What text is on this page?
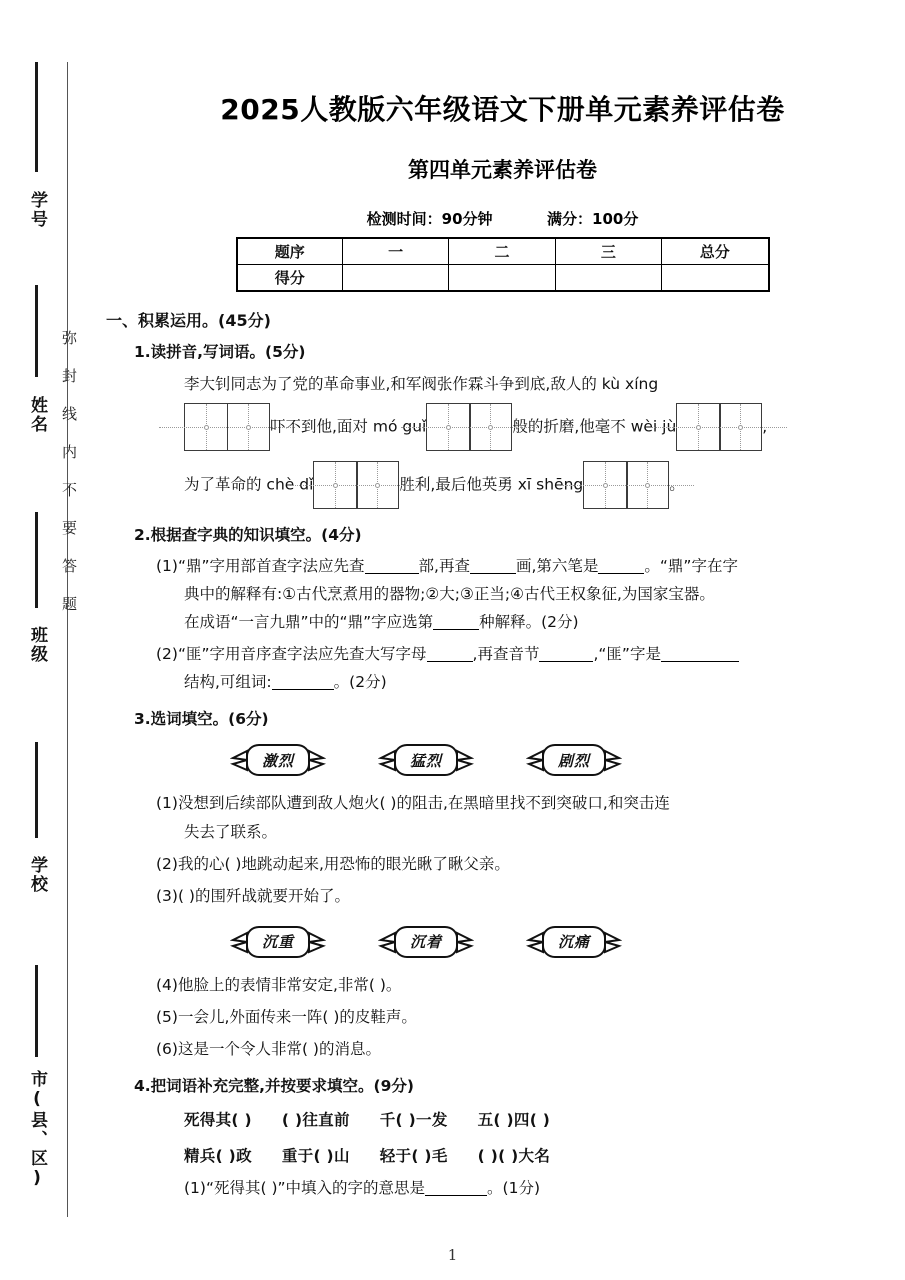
学号
姓名
班级
学校
市(县、区)
弥封线内不要答题
2025人教版六年级语文下册单元素养评估卷
第四单元素养评估卷
检测时间：90分钟	满分：100分
题序	一	二	三	总分
得分				
一、积累运用。(45分)
1.读拼音,写词语。(5分)
李大钊同志为了党的革命事业,和军阀张作霖斗争到底,敌人的 kù xíng
吓不到他,面对 mó guǐ	般的折磨,他毫不 wèi jù	,
为了革命的 chè dǐ	胜利,最后他英勇 xī shēng	。
2.根据查字典的知识填空。(4分)
(1)“鼎”字用部首查字法应先查	部,再查	画,第六笔是	。“鼎”字在字
典中的解释有:①古代烹煮用的器物;②大;③正当;④古代王权象征,为国家宝器。
在成语“一言九鼎”中的“鼎”字应选第	种解释。(2分)
(2)“匪”字用音序查字法应先查大写字母	,再查音节	,“匪”字是
结构,可组词:	。(2分)
3.选词填空。(6分)
激烈	猛烈	剧烈
(1)没想到后续部队遭到敌人炮火( )的阻击,在黑暗里找不到突破口,和突击连
失去了联系。
(2)我的心( )地跳动起来,用恐怖的眼光瞅了瞅父亲。
(3)( )的围歼战就要开始了。
沉重	沉着	沉痛
(4)他脸上的表情非常安定,非常( )。
(5)一会儿,外面传来一阵( )的皮鞋声。
(6)这是一个令人非常( )的消息。
4.把词语补充完整,并按要求填空。(9分)
死得其( ) ( )往直前 千( )一发 五( )四( )
精兵( )政 重于( )山 轻于( )毛 ( )( )大名
(1)“死得其( )”中填入的字的意思是	。(1分)
1
